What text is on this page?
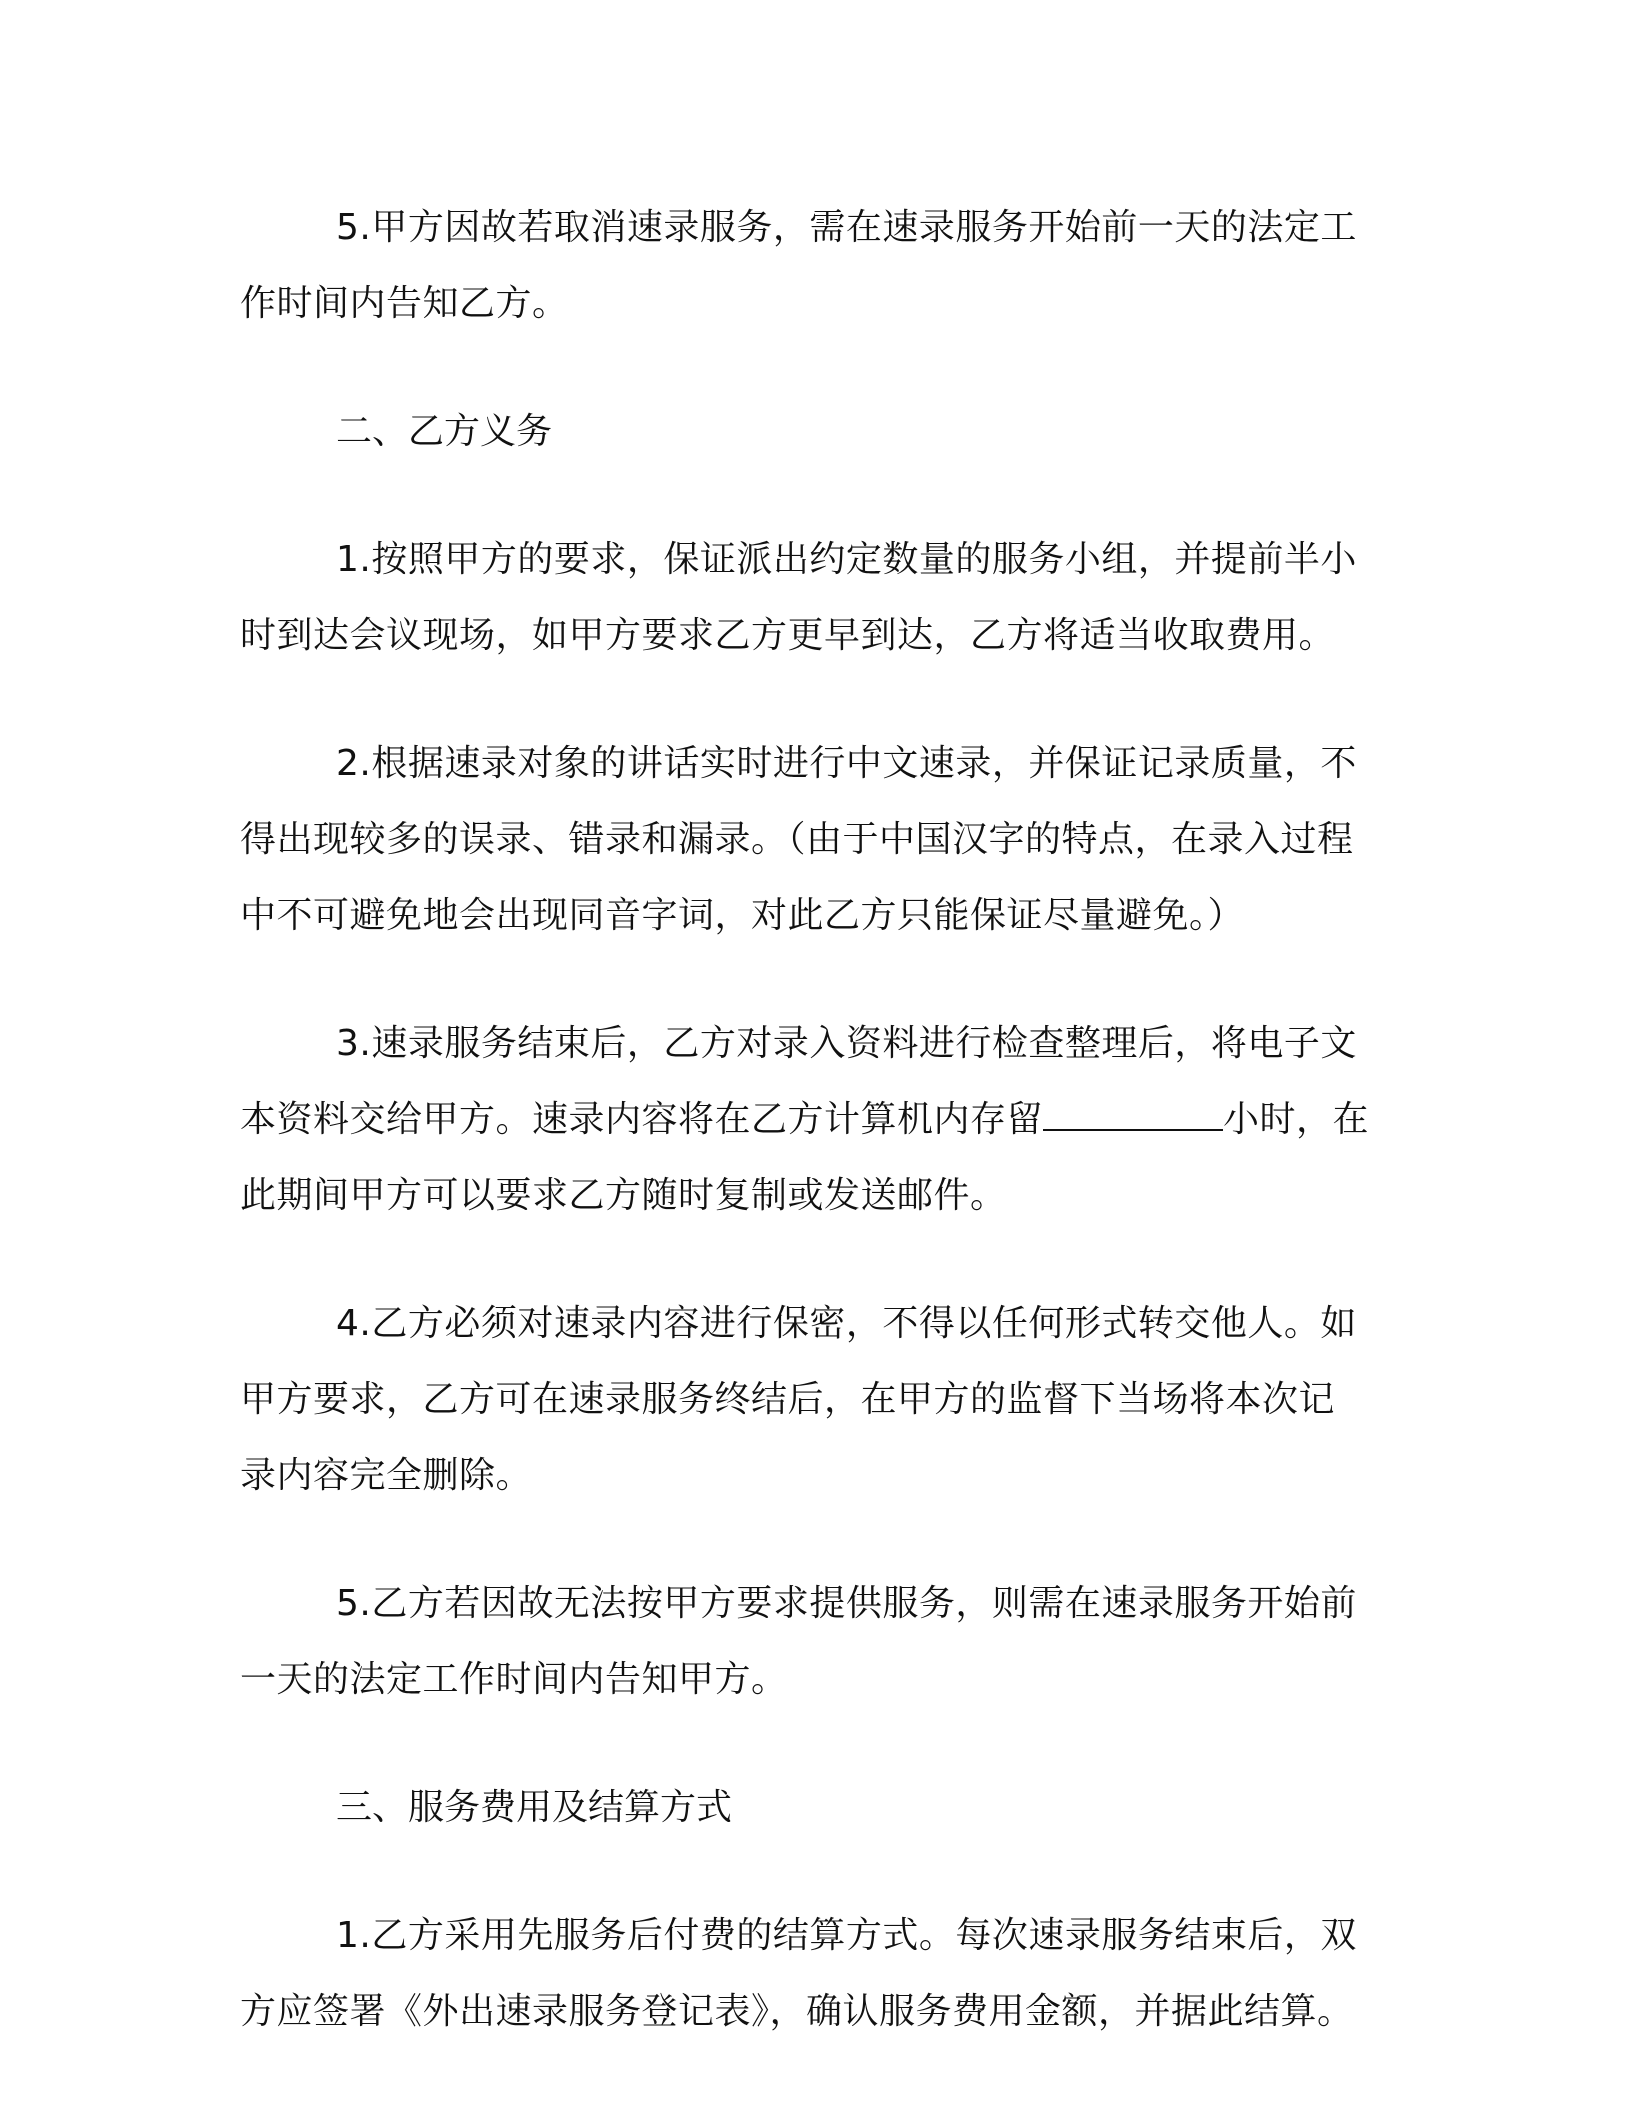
5.甲方因故若取消速录服务，需在速录服务开始前一天的法定工作时间内告知乙方。

二、乙方义务

1.按照甲方的要求，保证派出约定数量的服务小组，并提前半小时到达会议现场，如甲方要求乙方更早到达，乙方将适当收取费用。

2.根据速录对象的讲话实时进行中文速录，并保证记录质量，不得出现较多的误录、错录和漏录。（由于中国汉字的特点，在录入过程中不可避免地会出现同音字词，对此乙方只能保证尽量避免。）

3.速录服务结束后，乙方对录入资料进行检查整理后，将电子文本资料交给甲方。速录内容将在乙方计算机内存留	小时，在此期间甲方可以要求乙方随时复制或发送邮件。

4.乙方必须对速录内容进行保密，不得以任何形式转交他人。如甲方要求，乙方可在速录服务终结后，在甲方的监督下当场将本次记录内容完全删除。

5.乙方若因故无法按甲方要求提供服务，则需在速录服务开始前一天的法定工作时间内告知甲方。

三、服务费用及结算方式

1.乙方采用先服务后付费的结算方式。每次速录服务结束后，双方应签署《外出速录服务登记表》，确认服务费用金额，并据此结算。
